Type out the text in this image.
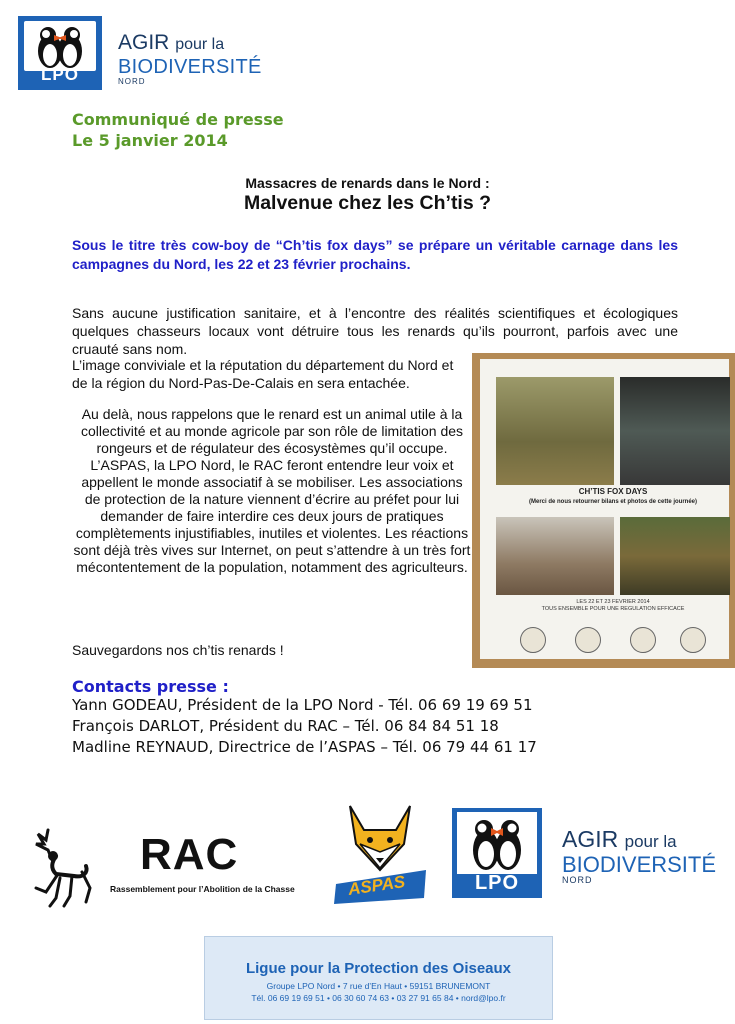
LPO
AGIR pour la
BIODIVERSITÉ
NORD
Communiqué de presse
Le 5 janvier 2014
Massacres de renards dans le Nord :
Malvenue chez les Ch’tis ?
Sous le titre très cow-boy de “Ch’tis fox days” se prépare un véritable carnage dans les campagnes du Nord, les 22 et 23 février prochains.
Sans aucune justification sanitaire, et à l’encontre des réalités scientifiques et écologiques quelques chasseurs locaux vont détruire tous les renards qu’ils pourront, parfois avec une cruauté sans nom.
L’image conviviale et la réputation du département du Nord et de la région du Nord-Pas-De-Calais en sera entachée.
Au delà, nous rappelons que le renard est un animal utile à la collectivité et au monde agricole par son rôle de limitation des rongeurs et de régulateur des écosystèmes qu’il occupe. L’ASPAS, la LPO Nord, le RAC feront entendre leur voix et appellent le monde associatif à se mobiliser. Les associations de protection de la nature viennent d’écrire au préfet pour lui demander de faire interdire ces deux jours de pratiques complètements injustifiables, inutiles et violentes. Les réactions sont déjà très vives sur Internet, on peut s’attendre à un très fort mécontentement de la population, notamment des agriculteurs.
Sauvegardons nos ch’tis renards !
CH’TIS FOX DAYS
(Merci de nous retourner bilans et photos de cette journée)
LES 22 ET 23 FEVRIER 2014
TOUS ENSEMBLE POUR UNE REGULATION EFFICACE
Contacts presse :
Yann GODEAU, Président de la LPO Nord - Tél. 06 69 19 69 51
François DARLOT, Président du RAC – Tél. 06 84 84 51 18
Madline REYNAUD, Directrice de l’ASPAS – Tél. 06 79 44 61 17
RAC
Rassemblement pour l’Abolition de la Chasse	ASPAS	LPO
AGIR pour la
BIODIVERSITÉ
NORD
Ligue pour la Protection des Oiseaux
Groupe LPO Nord • 7 rue d’En Haut • 59151 BRUNEMONT
Tél. 06 69 19 69 51 • 06 30 60 74 63 • 03 27 91 65 84 • nord@lpo.fr
